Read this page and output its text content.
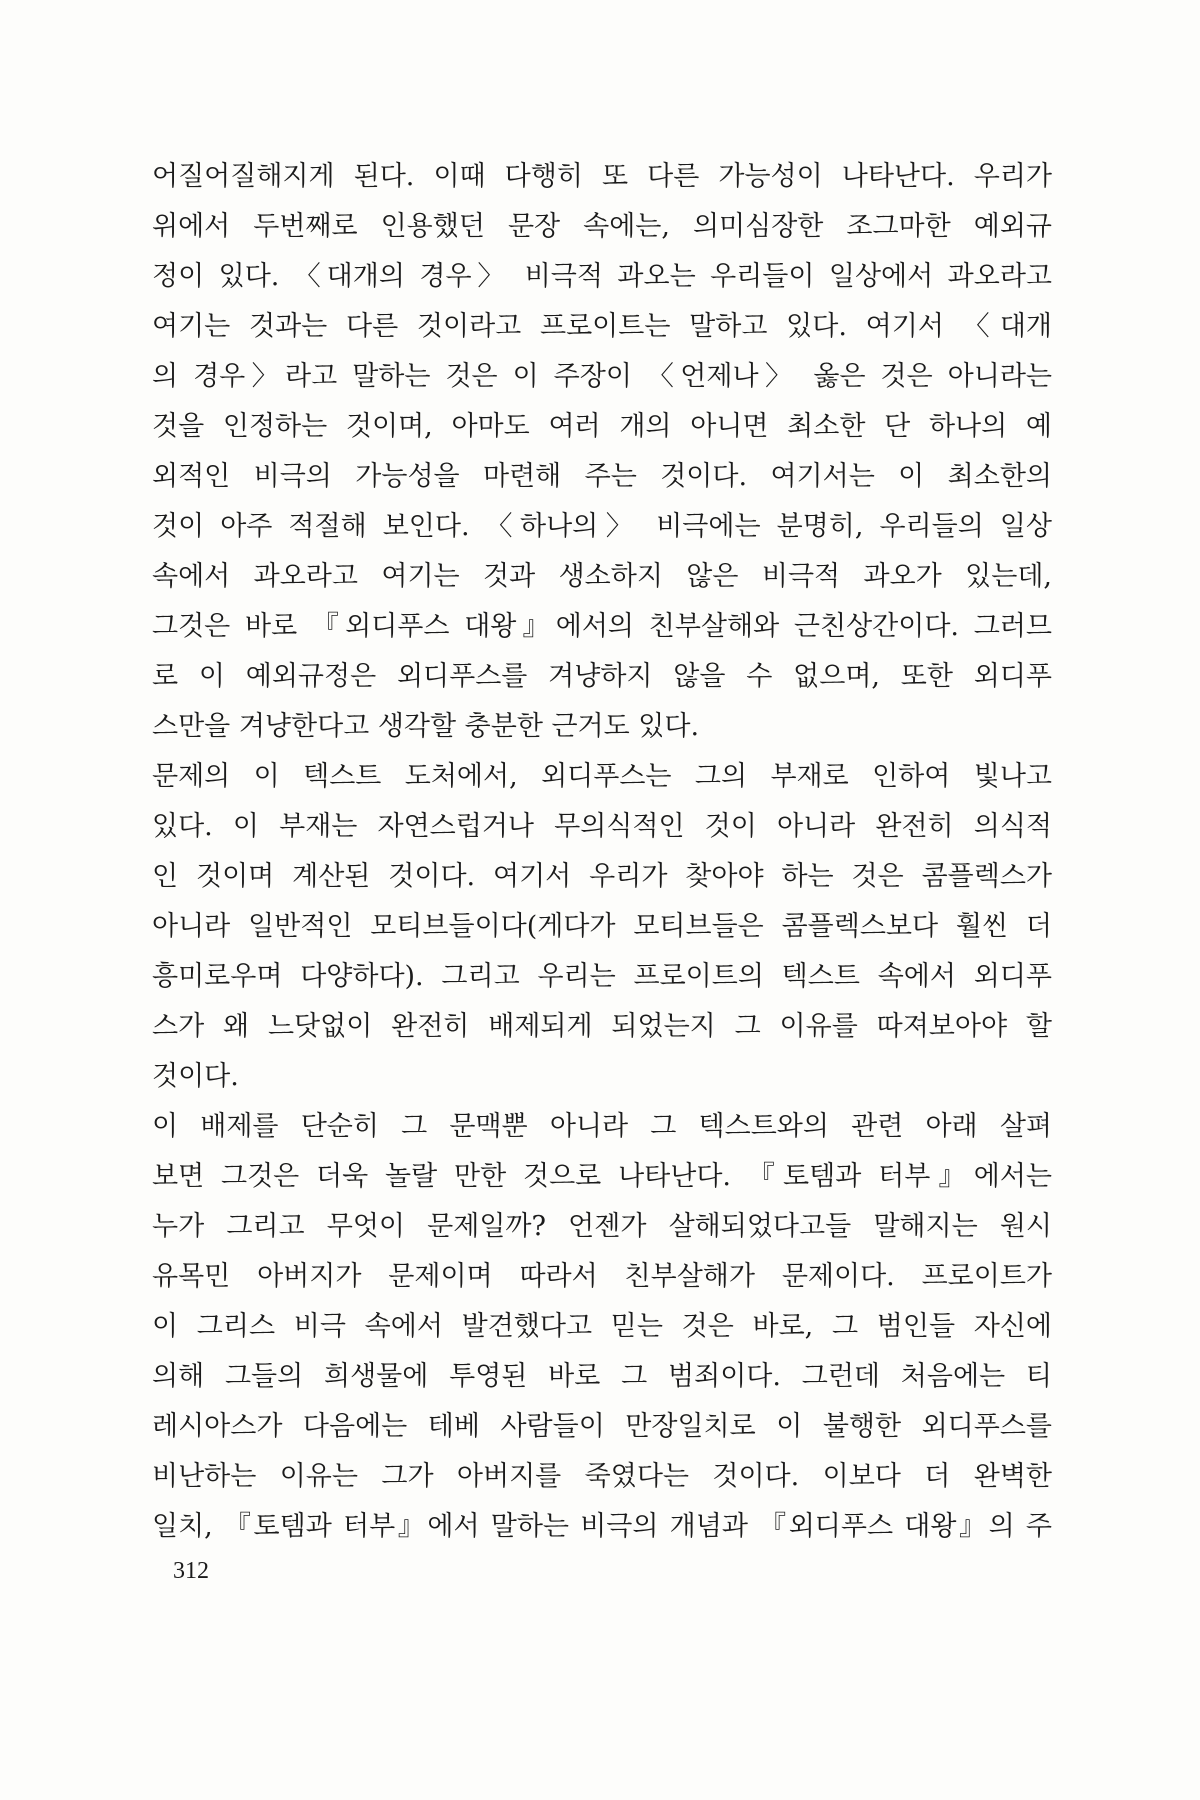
어질어질해지게 된다. 이때 다행히 또 다른 가능성이 나타난다. 우리가
위에서 두번째로 인용했던 문장 속에는, 의미심장한 조그마한 예외규
정이 있다. 〈대개의 경우〉 비극적 과오는 우리들이 일상에서 과오라고
여기는 것과는 다른 것이라고 프로이트는 말하고 있다. 여기서 〈대개
의 경우〉라고 말하는 것은 이 주장이 〈언제나〉 옳은 것은 아니라는
것을 인정하는 것이며, 아마도 여러 개의 아니면 최소한 단 하나의 예
외적인 비극의 가능성을 마련해 주는 것이다. 여기서는 이 최소한의
것이 아주 적절해 보인다. 〈하나의〉 비극에는 분명히, 우리들의 일상
속에서 과오라고 여기는 것과 생소하지 않은 비극적 과오가 있는데,
그것은 바로 『외디푸스 대왕』에서의 친부살해와 근친상간이다. 그러므
로 이 예외규정은 외디푸스를 겨냥하지 않을 수 없으며, 또한 외디푸
스만을 겨냥한다고 생각할 충분한 근거도 있다.
문제의 이 텍스트 도처에서, 외디푸스는 그의 부재로 인하여 빛나고
있다. 이 부재는 자연스럽거나 무의식적인 것이 아니라 완전히 의식적
인 것이며 계산된 것이다. 여기서 우리가 찾아야 하는 것은 콤플렉스가
아니라 일반적인 모티브들이다(게다가 모티브들은 콤플렉스보다 훨씬 더
흥미로우며 다양하다). 그리고 우리는 프로이트의 텍스트 속에서 외디푸
스가 왜 느닷없이 완전히 배제되게 되었는지 그 이유를 따져보아야 할
것이다.
이 배제를 단순히 그 문맥뿐 아니라 그 텍스트와의 관련 아래 살펴
보면 그것은 더욱 놀랄 만한 것으로 나타난다. 『토템과 터부』에서는
누가 그리고 무엇이 문제일까? 언젠가 살해되었다고들 말해지는 원시
유목민 아버지가 문제이며 따라서 친부살해가 문제이다. 프로이트가
이 그리스 비극 속에서 발견했다고 믿는 것은 바로, 그 범인들 자신에
의해 그들의 희생물에 투영된 바로 그 범죄이다. 그런데 처음에는 티
레시아스가 다음에는 테베 사람들이 만장일치로 이 불행한 외디푸스를
비난하는 이유는 그가 아버지를 죽였다는 것이다. 이보다 더 완벽한
일치, 『토템과 터부』에서 말하는 비극의 개념과 『외디푸스 대왕』의 주
312
